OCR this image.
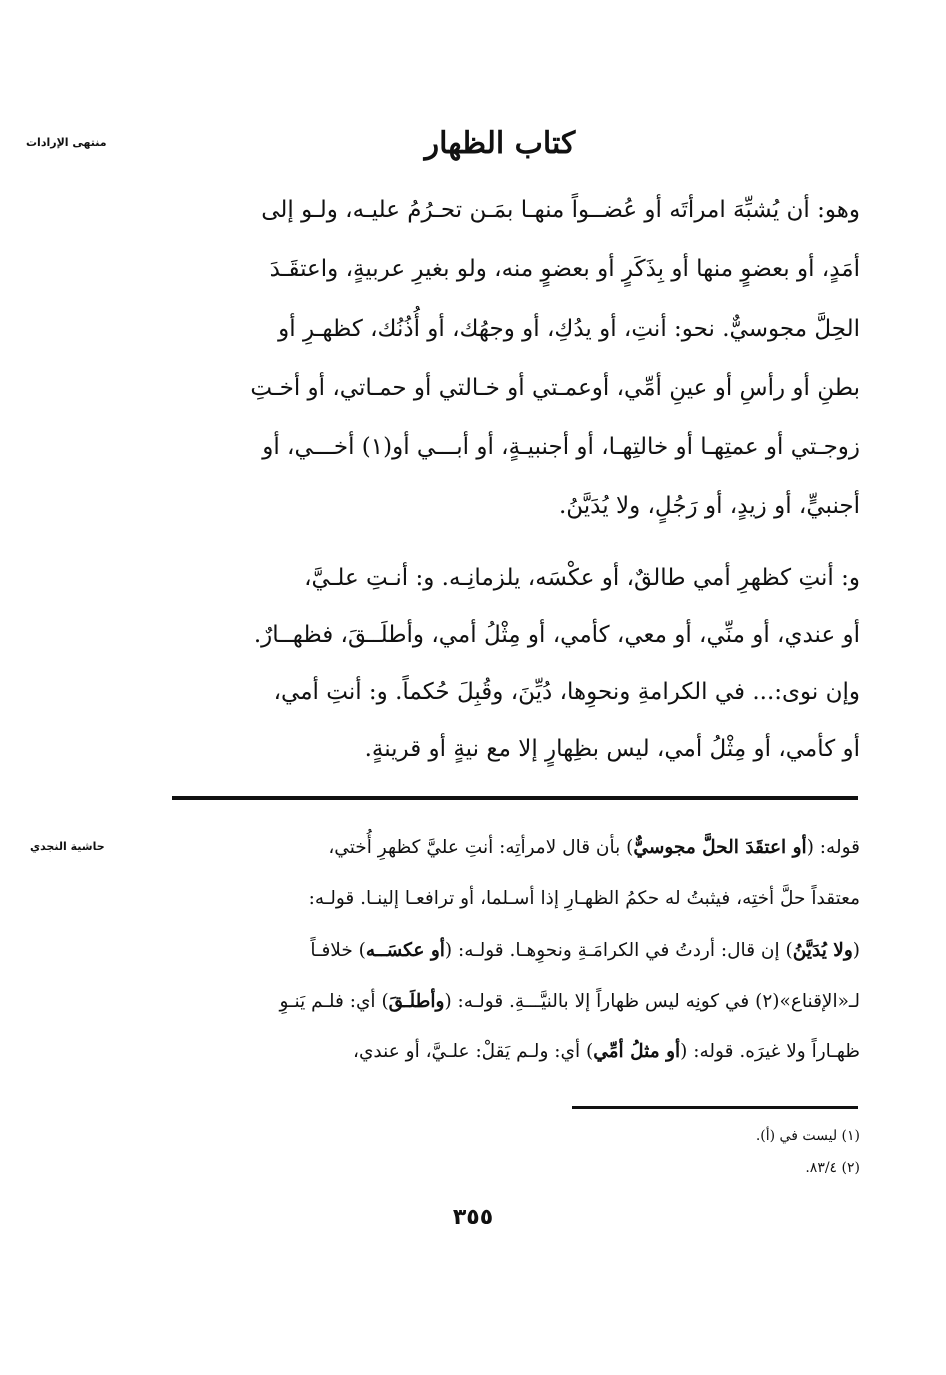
منتهى الإرادات
حاشية النجدي
كتاب الظهار
وهو: أن يُشبِّهَ امرأتَه أو عُضــواً منهـا بمَـن تحـرُمُ عليـه، ولـو إلى
أمَدٍ، أو بعضوٍ منها أو بِذَكَرٍ أو بعضوٍ منه، ولو بغيرِ عربيةٍ، واعتقَـدَ
الحِلَّ مجوسيٌّ. نحو: أنتِ، أو يدُكِ، أو وجهُك، أو أُذُنُك، كظهـرِ أو
بطنِ أو رأسِ أو عينِ أمِّي، أوعمـتي أو خـالتي أو حمـاتي، أو أخـتِ
زوجـتي أو عمتِهـا أو خالتِهـا، أو أجنبيـةٍ، أو أبـــي أو(١) أخـــي، أو
أجنبيٍّ، أو زيدٍ، أو رَجُلٍ، ولا يُدَيَّنُ.
و: أنتِ كظهرِ أمي طالقٌ، أو عكْسَه، يلزمانِـه. و: أنـتِ علـيَّ،
أو عندي، أو منِّي، أو معي، كأمي، أو مِثْلُ أمي، وأطلَــقَ، فظهــارٌ.
وإن نوى:... في الكرامةِ ونحوِها، دُيِّنَ، وقُبِلَ حُكماً. و: أنتِ أمي،
أو كأمي، أو مِثْلُ أمي، ليس بظِهارٍ إلا مع نيةٍ أو قرينةٍ.
قوله: (أو اعتقَدَ الحلَّ مجوسيٌّ) بأن قال لامرأتِه: أنتِ عليَّ كظهرِ أُختي،
معتقداً حلَّ أختِه، فيثبتُ له حكمُ الظهـارِ إذا أسـلما، أو ترافعـا إلينـا. قولـه:
(ولا يُدَيَّنُ) إن قال: أردتُ في الكرامَـةِ ونحوِهـا. قولـه: (أو عكسَــه) خلافـاً
لـ«الإقناع»(٢) في كونِه ليس ظهاراً إلا بالنيَّـــةِ. قولـه: (وأطلَـقَ) أي: فلـم يَنـوِ
ظهـاراً ولا غيرَه. قوله: (أو مثلُ أمِّي) أي: ولـم يَقلْ: علـيَّ، أو عندي،
(١) ليست في (أ).
(٢) ٨٣/٤.
٣٥٥
